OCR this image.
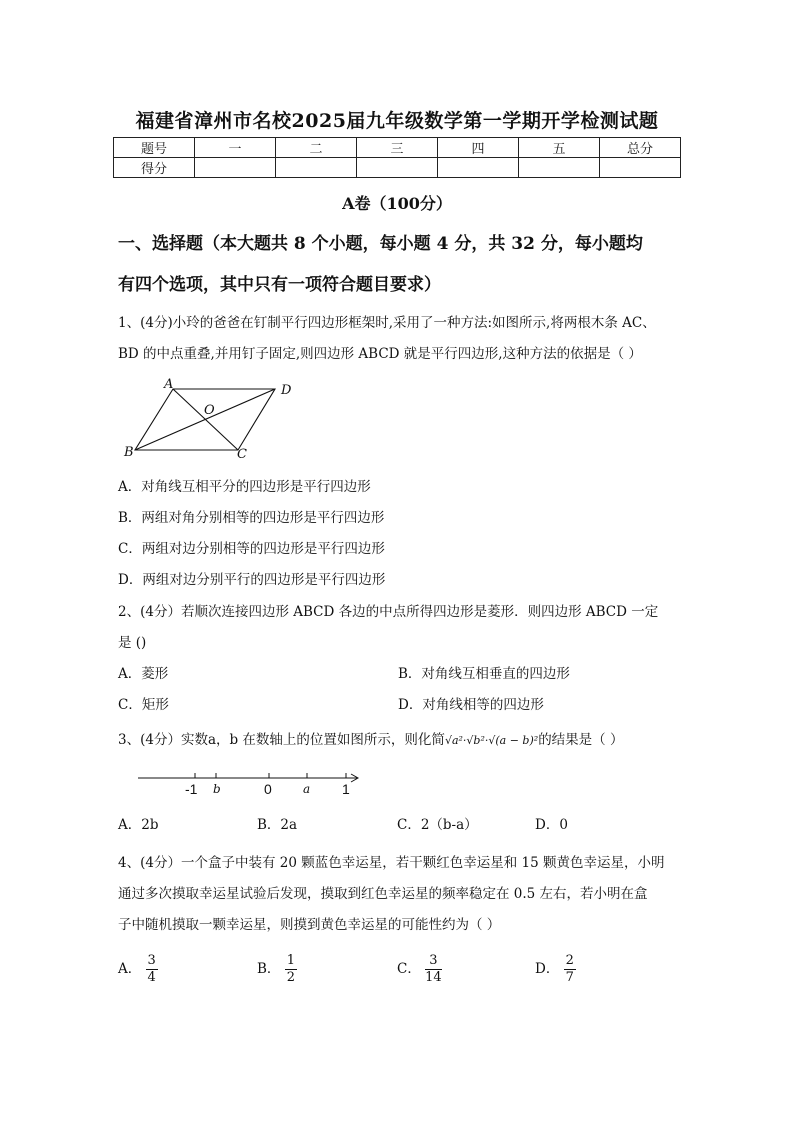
福建省漳州市名校2025届九年级数学第一学期开学检测试题
题号	一	二	三	四	五	总分
得分						
A卷（100分）
一、选择题（本大题共 8 个小题，每小题 4 分，共 32 分，每小题均
有四个选项，其中只有一项符合题目要求）
1、(4分)小玲的爸爸在钉制平行四边形框架时,采用了一种方法:如图所示,将两根木条 AC、
BD 的中点重叠,并用钉子固定,则四边形 ABCD 就是平行四边形,这种方法的依据是（ ）
A	D
O
B	C
A．对角线互相平分的四边形是平行四边形
B．两组对角分别相等的四边形是平行四边形
C．两组对边分别相等的四边形是平行四边形
D．两组对边分别平行的四边形是平行四边形
2、(4分）若顺次连接四边形 ABCD 各边的中点所得四边形是菱形．则四边形 ABCD 一定
是 ()
A．菱形	B．对角线互相垂直的四边形
C．矩形	D．对角线相等的四边形
3、(4分）实数a，b 在数轴上的位置如图所示，则化简√a²·√b²·√(a − b)²的结果是（ ）
-1 b	0	a 1
A．2b	B．2a	C．2（b-a）	D．0
4、(4分）一个盒子中装有 20 颗蓝色幸运星，若干颗红色幸运星和 15 颗黄色幸运星，小明
通过多次摸取幸运星试验后发现，摸取到红色幸运星的频率稳定在 0.5 左右，若小明在盒
子中随机摸取一颗幸运星，则摸到黄色幸运星的可能性约为（ ）
A． $\frac{3}{4}$	B． $\frac{1}{2}$	C． $\frac{3}{14}$	D． $\frac{2}{7}$
